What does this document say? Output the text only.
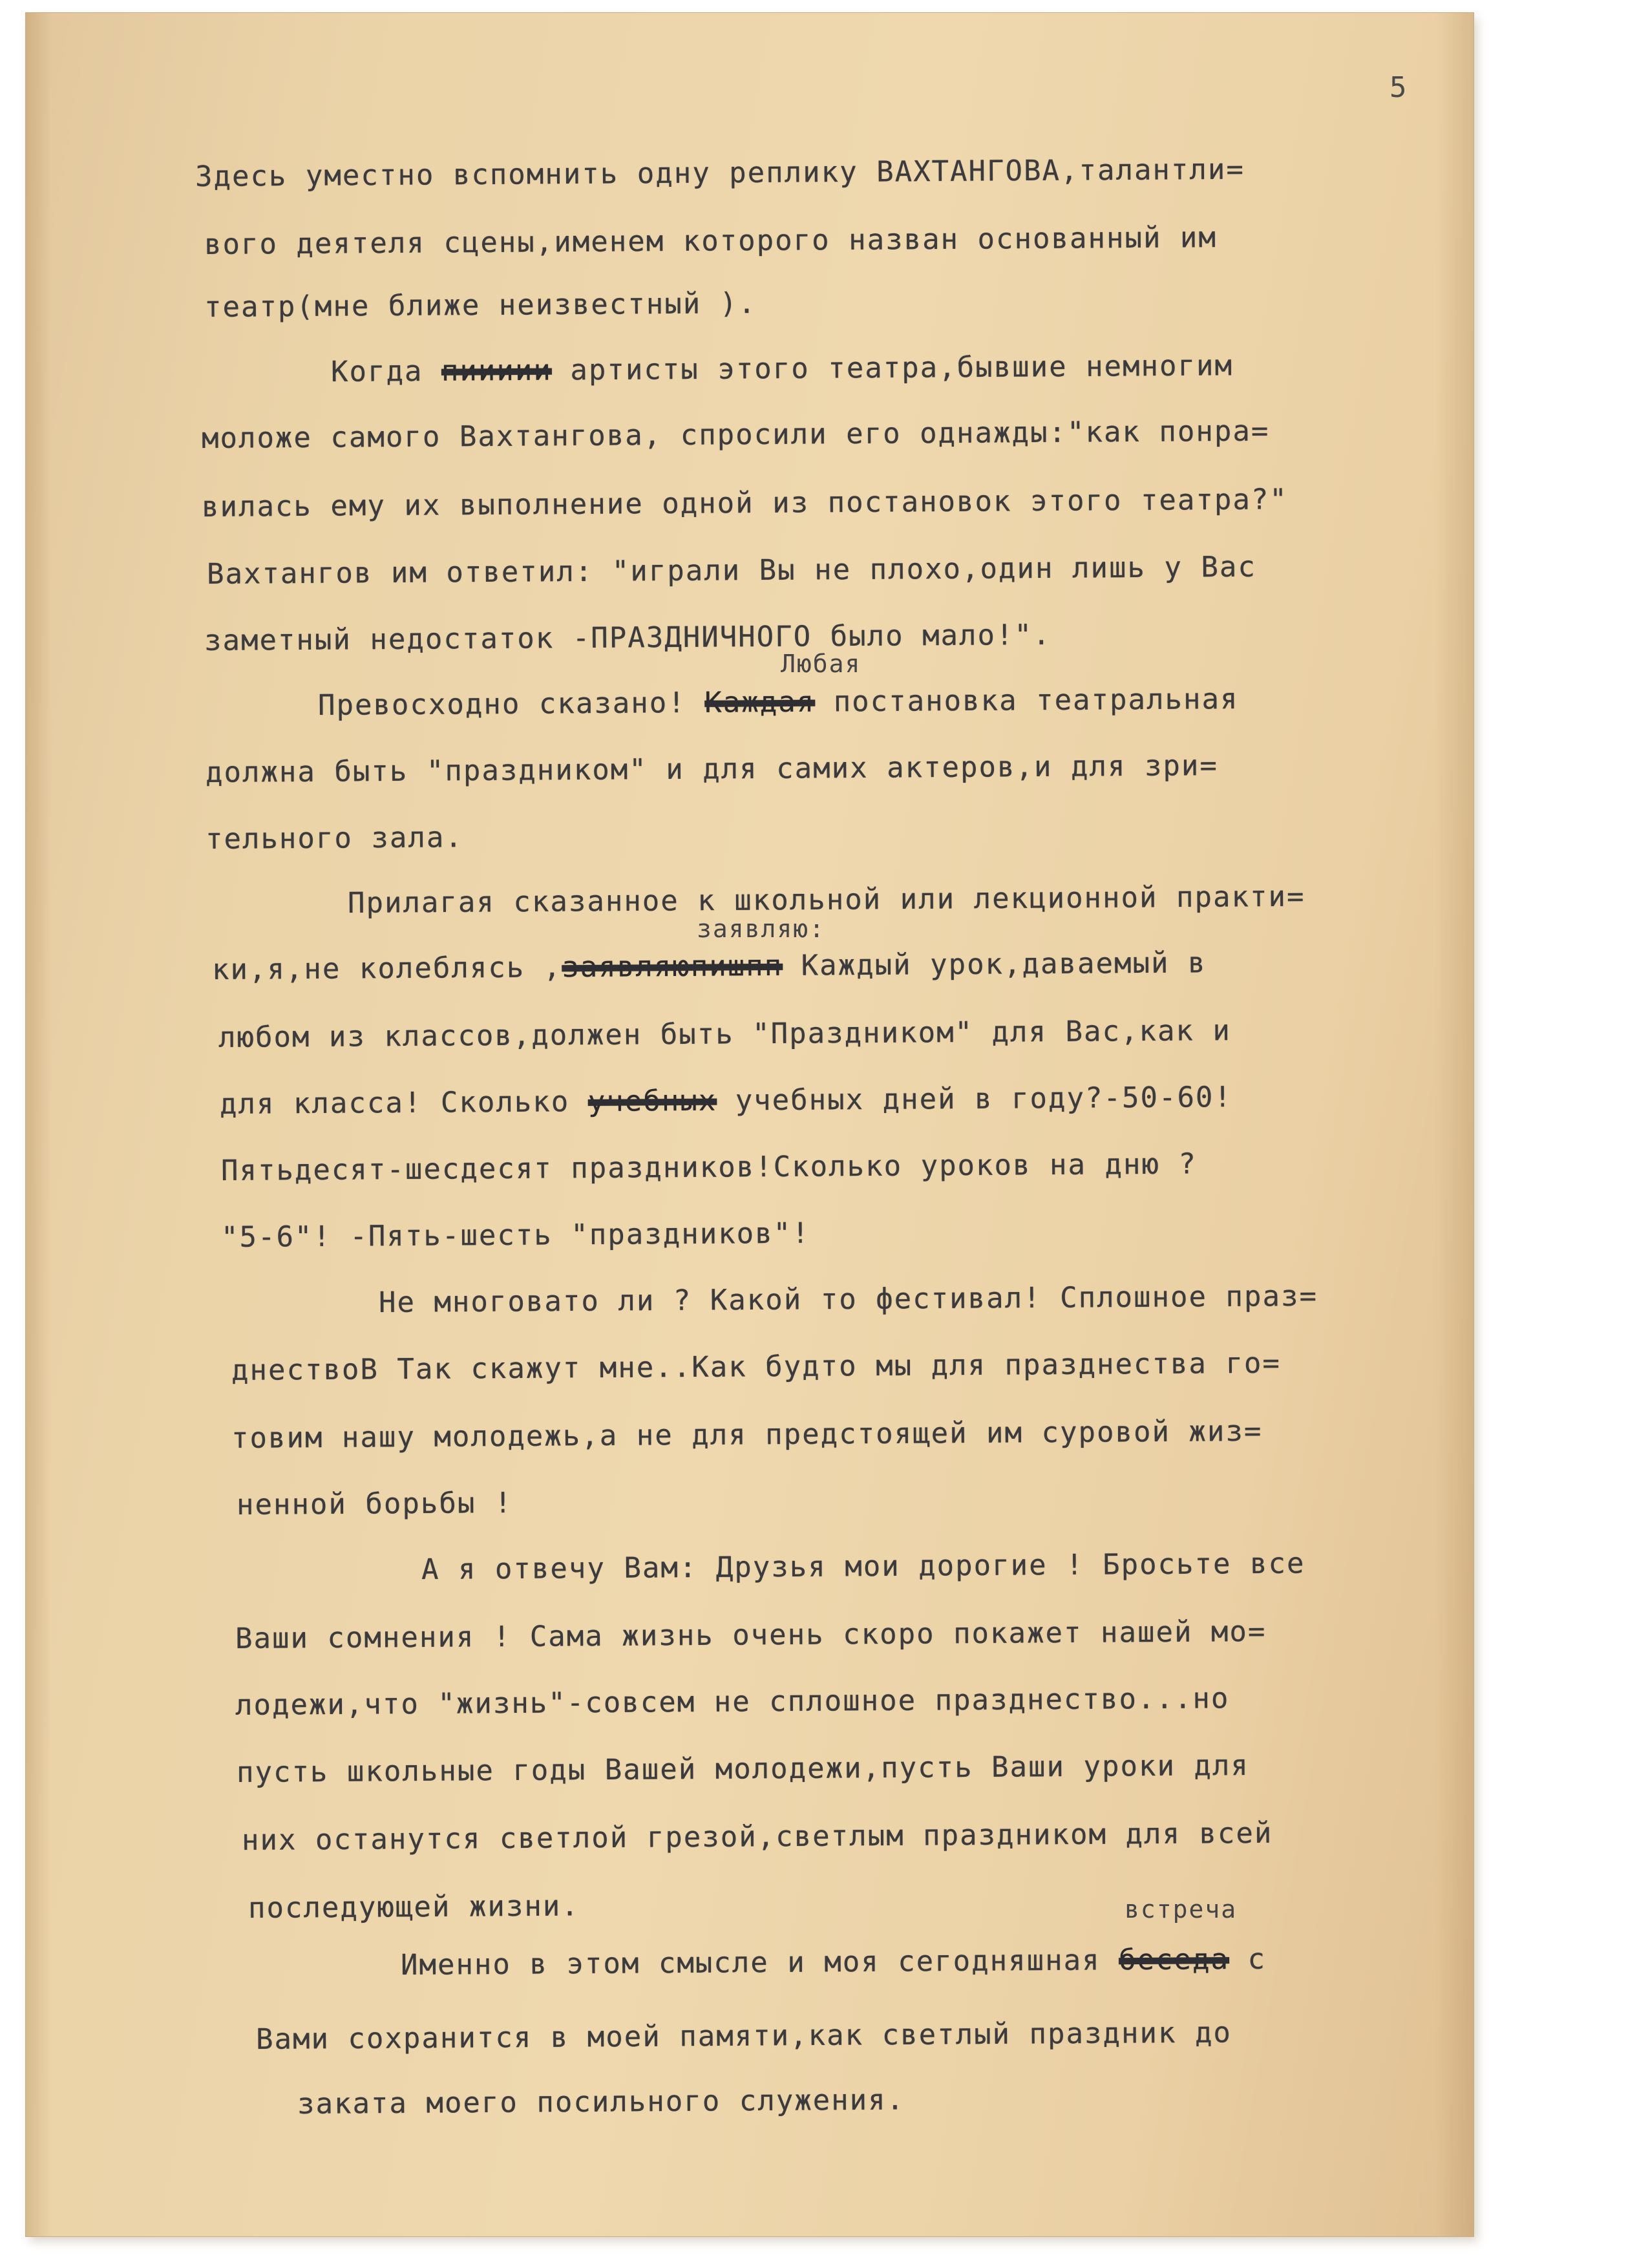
5
Здесь уместно вспомнить одну реплику ВАХТАНГОВА,талантли=
вого деятеля сцены,именем которого назван основанный им
театр(мне ближе неизвестный ).
Когда пиииии артисты этого театра,бывшие немногим
моложе самого Вахтангова, спросили его однажды:"как понра=
вилась ему их выполнение одной из постановок этого театра?"
Вахтангов им ответил: "играли Вы не плохо,один лишь у Вас
заметный недостаток -ПРАЗДНИЧНОГО было мало!".
Любая
Превосходно сказано! Каждая постановка театральная
должна быть "праздником" и для самих актеров,и для зри=
тельного зала.
Прилагая сказанное к школьной или лекционной практи=
заявляю:
ки,я,не колеблясь ,заявляюпишпп Каждый урок,даваемый в
любом из классов,должен быть "Праздником" для Вас,как и
для класса! Сколько учебных учебных дней в году?-50-60!
Пятьдесят-шесдесят праздников!Сколько уроков на дню ?
"5-6"! -Пять-шесть "праздников"!
Не многовато ли ? Какой то фестивал! Сплошное праз=
днествоВ Так скажут мне..Как будто мы для празднества го=
товим нашу молодежь,а не для предстоящей им суровой жиз=
ненной борьбы !
А я отвечу Вам: Друзья мои дорогие ! Бросьте все
Ваши сомнения ! Сама жизнь очень скоро покажет нашей мо=
лодежи,что "жизнь"-совсем не сплошное празднество...но
пусть школьные годы Вашей молодежи,пусть Ваши уроки для
них останутся светлой грезой,светлым праздником для всей
последующей жизни.	встреча
Именно в этом смысле и моя сегодняшная беседа с
Вами сохранится в моей памяти,как светлый праздник до
заката моего посильного служения.
